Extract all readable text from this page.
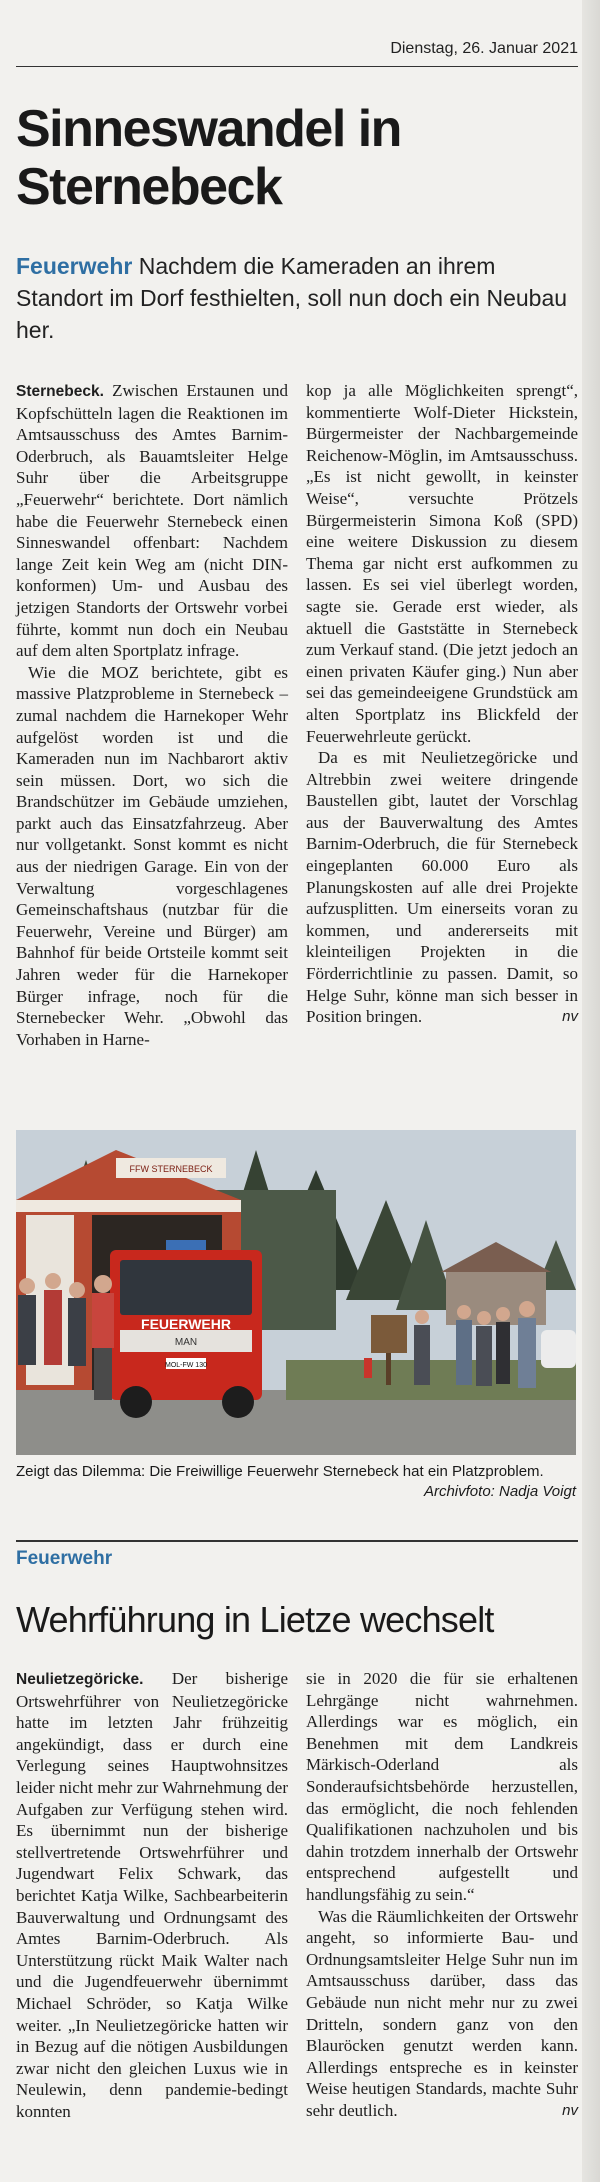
Dienstag, 26. Januar 2021
Sinneswandel in Sternebeck
Feuerwehr Nachdem die Kameraden an ihrem Standort im Dorf festhielten, soll nun doch ein Neubau her.

Sternebeck. Zwischen Erstaunen und Kopfschütteln lagen die Reaktionen im Amtsausschuss des Amtes Barnim-Oderbruch, als Bauamtsleiter Helge Suhr über die Arbeitsgruppe „Feuerwehr“ berichtete. Dort nämlich habe die Feuerwehr Sternebeck einen Sinneswandel offenbart: Nachdem lange Zeit kein Weg am (nicht DIN-konformen) Um- und Ausbau des jetzigen Standorts der Ortswehr vorbei führte, kommt nun doch ein Neubau auf dem alten Sportplatz infrage.

Wie die MOZ berichtete, gibt es massive Platzprobleme in Sternebeck – zumal nachdem die Harnekoper Wehr aufgelöst worden ist und die Kameraden nun im Nachbarort aktiv sein müssen. Dort, wo sich die Brandschützer im Gebäude umziehen, parkt auch das Einsatzfahrzeug. Aber nur vollgetankt. Sonst kommt es nicht aus der niedrigen Garage. Ein von der Verwaltung vorgeschlagenes Gemeinschaftshaus (nutzbar für die Feuerwehr, Vereine und Bürger) am Bahnhof für beide Ortsteile kommt seit Jahren weder für die Harnekoper Bürger infrage, noch für die Sternebecker Wehr. „Obwohl das Vorhaben in Harne-

kop ja alle Möglichkeiten sprengt“, kommentierte Wolf-Dieter Hickstein, Bürgermeister der Nachbargemeinde Reichenow-Möglin, im Amtsausschuss. „Es ist nicht gewollt, in keinster Weise“, versuchte Prötzels Bürgermeisterin Simona Koß (SPD) eine weitere Diskussion zu diesem Thema gar nicht erst aufkommen zu lassen. Es sei viel überlegt worden, sagte sie. Gerade erst wieder, als aktuell die Gaststätte in Sternebeck zum Verkauf stand. (Die jetzt jedoch an einen privaten Käufer ging.) Nun aber sei das gemeindeeigene Grundstück am alten Sportplatz ins Blickfeld der Feuerwehrleute gerückt.

Da es mit Neulietzegöricke und Altrebbin zwei weitere dringende Baustellen gibt, lautet der Vorschlag aus der Bauverwaltung des Amtes Barnim-Oderbruch, die für Sternebeck eingeplanten 60.000 Euro als Planungskosten auf alle drei Projekte aufzusplitten. Um einerseits voran zu kommen, und andererseits mit kleinteiligen Projekten in die Förderrichtlinie zu passen. Damit, so Helge Suhr, könne man sich besser in Position bringen.	nv

FFW STERNEBECK
FEUERWEHR
MAN
MOL-FW 130
Zeigt das Dilemma: Die Freiwillige Feuerwehr Sternebeck hat ein Platzproblem.
Archivfoto: Nadja Voigt
Feuerwehr
Wehrführung in Lietze wechselt

Neulietzegöricke. Der bisherige Ortswehrführer von Neulietzegöricke hatte im letzten Jahr frühzeitig angekündigt, dass er durch eine Verlegung seines Hauptwohnsitzes leider nicht mehr zur Wahrnehmung der Aufgaben zur Verfügung stehen wird. Es übernimmt nun der bisherige stellvertretende Ortswehrführer und Jugendwart Felix Schwark, das berichtet Katja Wilke, Sachbearbeiterin Bauverwaltung und Ordnungsamt des Amtes Barnim-Oderbruch. Als Unterstützung rückt Maik Walter nach und die Jugendfeuerwehr übernimmt Michael Schröder, so Katja Wilke weiter. „In Neulietzegöricke hatten wir in Bezug auf die nötigen Ausbildungen zwar nicht den gleichen Luxus wie in Neulewin, denn pandemie-bedingt konnten

sie in 2020 die für sie erhaltenen Lehrgänge nicht wahrnehmen. Allerdings war es möglich, ein Benehmen mit dem Landkreis Märkisch-Oderland als Sonderaufsichtsbehörde herzustellen, das ermöglicht, die noch fehlenden Qualifikationen nachzuholen und bis dahin trotzdem innerhalb der Ortswehr entsprechend aufgestellt und handlungsfähig zu sein.“

Was die Räumlichkeiten der Ortswehr angeht, so informierte Bau- und Ordnungsamtsleiter Helge Suhr nun im Amtsausschuss darüber, dass das Gebäude nun nicht mehr nur zu zwei Dritteln, sondern ganz von den Blauröcken genutzt werden kann. Allerdings entspreche es in keinster Weise heutigen Standards, machte Suhr sehr deutlich.	nv
